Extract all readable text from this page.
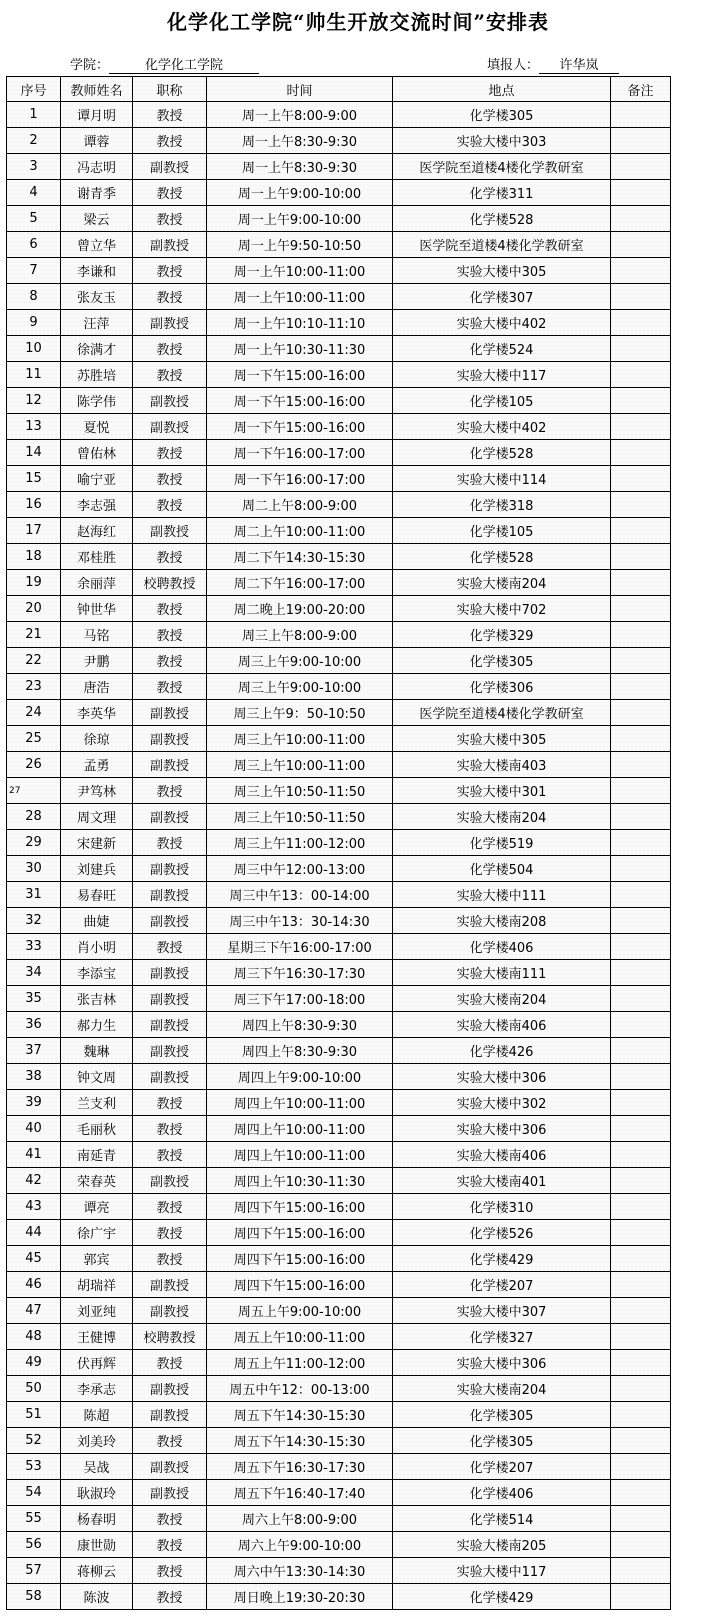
化学化工学院“帅生开放交流时间”安排表
学院：	化学化工学院	填报人： 许华岚
序号	教师姓名	职称	时间	地点	备注
1	谭月明	教授	周一上午8:00-9:00	化学楼305	
2	谭蓉	教授	周一上午8:30-9:30	实验大楼中303	
3	冯志明	副教授	周一上午8:30-9:30	医学院至道楼4楼化学教研室	
4	谢青季	教授	周一上午9:00-10:00	化学楼311	
5	梁云	教授	周一上午9:00-10:00	化学楼528	
6	曾立华	副教授	周一上午9:50-10:50	医学院至道楼4楼化学教研室	
7	李谦和	教授	周一上午10:00-11:00	实验大楼中305	
8	张友玉	教授	周一上午10:00-11:00	化学楼307	
9	汪萍	副教授	周一上午10:10-11:10	实验大楼中402	
10	徐满才	教授	周一上午10:30-11:30	化学楼524	
11	苏胜培	教授	周一下午15:00-16:00	实验大楼中117	
12	陈学伟	副教授	周一下午15:00-16:00	化学楼105	
13	夏悦	副教授	周一下午15:00-16:00	实验大楼中402	
14	曾佑林	教授	周一下午16:00-17:00	化学楼528	
15	喻宁亚	教授	周一下午16:00-17:00	实验大楼中114	
16	李志强	教授	周二上午8:00-9:00	化学楼318	
17	赵海红	副教授	周二上午10:00-11:00	化学楼105	
18	邓桂胜	教授	周二下午14:30-15:30	化学楼528	
19	余丽萍	校聘教授	周二下午16:00-17:00	实验大楼南204	
20	钟世华	教授	周二晚上19:00-20:00	实验大楼中702	
21	马铭	教授	周三上午8:00-9:00	化学楼329	
22	尹鹏	教授	周三上午9:00-10:00	化学楼305	
23	唐浩	教授	周三上午9:00-10:00	化学楼306	
24	李英华	副教授	周三上午9：50-10:50	医学院至道楼4楼化学教研室	
25	徐琼	副教授	周三上午10:00-11:00	实验大楼中305	
26	孟勇	副教授	周三上午10:00-11:00	实验大楼南403	
27	尹笃林	教授	周三上午10:50-11:50	实验大楼中301	
28	周文理	副教授	周三上午10:50-11:50	实验大楼南204	
29	宋建新	教授	周三上午11:00-12:00	化学楼519	
30	刘建兵	副教授	周三中午12:00-13:00	化学楼504	
31	易春旺	副教授	周三中午13：00-14:00	实验大楼中111	
32	曲婕	副教授	周三中午13：30-14:30	实验大楼南208	
33	肖小明	教授	星期三下午16:00-17:00	化学楼406	
34	李添宝	副教授	周三下午16:30-17:30	实验大楼南111	
35	张吉林	副教授	周三下午17:00-18:00	实验大楼南204	
36	郝力生	副教授	周四上午8:30-9:30	实验大楼南406	
37	魏琳	副教授	周四上午8:30-9:30	化学楼426	
38	钟文周	副教授	周四上午9:00-10:00	实验大楼中306	
39	兰支利	教授	周四上午10:00-11:00	实验大楼中302	
40	毛丽秋	教授	周四上午10:00-11:00	实验大楼中306	
41	南延青	教授	周四上午10:00-11:00	实验大楼南406	
42	荣春英	副教授	周四上午10:30-11:30	实验大楼南401	
43	谭亮	教授	周四下午15:00-16:00	化学楼310	
44	徐广宇	教授	周四下午15:00-16:00	化学楼526	
45	郭宾	教授	周四下午15:00-16:00	化学楼429	
46	胡瑞祥	副教授	周四下午15:00-16:00	化学楼207	
47	刘亚纯	副教授	周五上午9:00-10:00	实验大楼中307	
48	王健博	校聘教授	周五上午10:00-11:00	化学楼327	
49	伏再辉	教授	周五上午11:00-12:00	实验大楼中306	
50	李承志	副教授	周五中午12：00-13:00	实验大楼南204	
51	陈超	副教授	周五下午14:30-15:30	化学楼305	
52	刘美玲	教授	周五下午14:30-15:30	化学楼305	
53	吴战	副教授	周五下午16:30-17:30	化学楼207	
54	耿淑玲	副教授	周五下午16:40-17:40	化学楼406	
55	杨春明	教授	周六上午8:00-9:00	化学楼514	
56	康世勋	教授	周六上午9:00-10:00	实验大楼南205	
57	蒋柳云	教授	周六中午13:30-14:30	实验大楼中117	
58	陈波	教授	周日晚上19:30-20:30	化学楼429	
